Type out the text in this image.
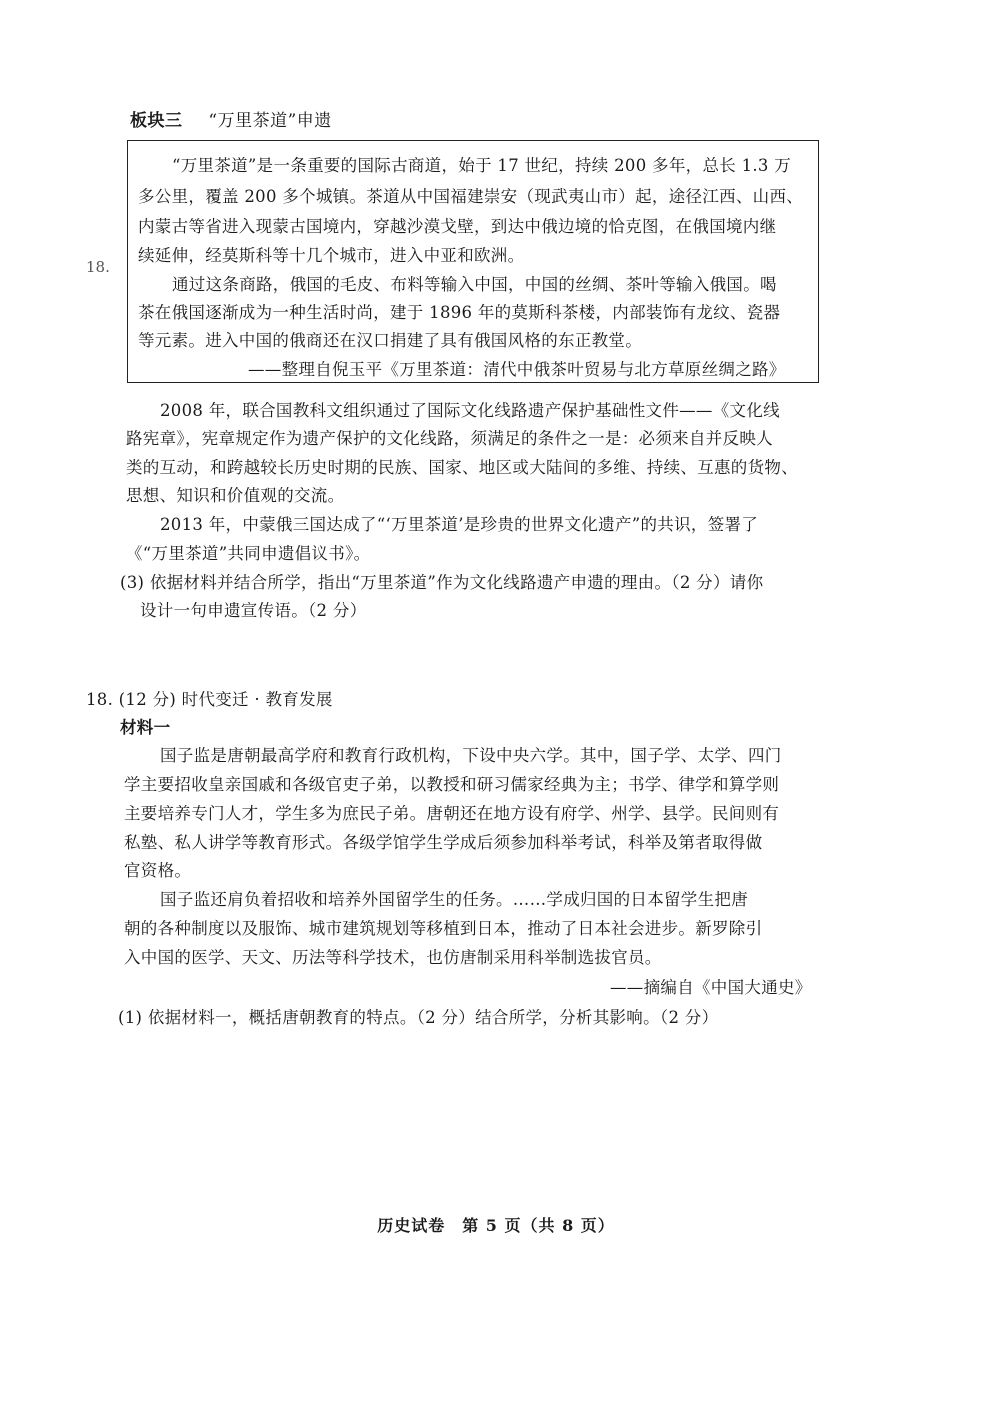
板块三 “万里茶道”申遗
“万里茶道”是一条重要的国际古商道，始于 17 世纪，持续 200 多年，总长 1.3 万
多公里，覆盖 200 多个城镇。茶道从中国福建崇安（现武夷山市）起，途径江西、山西、
内蒙古等省进入现蒙古国境内，穿越沙漠戈壁，到达中俄边境的恰克图，在俄国境内继
续延伸，经莫斯科等十几个城市，进入中亚和欧洲。
通过这条商路，俄国的毛皮、布料等输入中国，中国的丝绸、茶叶等输入俄国。喝
茶在俄国逐渐成为一种生活时尚，建于 1896 年的莫斯科茶楼，内部装饰有龙纹、瓷器
等元素。进入中国的俄商还在汉口捐建了具有俄国风格的东正教堂。
——整理自倪玉平《万里茶道：清代中俄茶叶贸易与北方草原丝绸之路》
18.
2008 年，联合国教科文组织通过了国际文化线路遗产保护基础性文件——《文化线
路宪章》，宪章规定作为遗产保护的文化线路，须满足的条件之一是：必须来自并反映人
类的互动，和跨越较长历史时期的民族、国家、地区或大陆间的多维、持续、互惠的货物、
思想、知识和价值观的交流。
2013 年，中蒙俄三国达成了“‘万里茶道’是珍贵的世界文化遗产”的共识，签署了
《“万里茶道”共同申遗倡议书》。
(3) 依据材料并结合所学，指出“万里茶道”作为文化线路遗产申遗的理由。（2 分）请你
设计一句申遗宣传语。（2 分）
18. (12 分) 时代变迁 · 教育发展
材料一
国子监是唐朝最高学府和教育行政机构，下设中央六学。其中，国子学、太学、四门
学主要招收皇亲国戚和各级官吏子弟，以教授和研习儒家经典为主；书学、律学和算学则
主要培养专门人才，学生多为庶民子弟。唐朝还在地方设有府学、州学、县学。民间则有
私塾、私人讲学等教育形式。各级学馆学生学成后须参加科举考试，科举及第者取得做
官资格。
国子监还肩负着招收和培养外国留学生的任务。……学成归国的日本留学生把唐
朝的各种制度以及服饰、城市建筑规划等移植到日本，推动了日本社会进步。新罗除引
入中国的医学、天文、历法等科学技术，也仿唐制采用科举制选拔官员。
——摘编自《中国大通史》
(1) 依据材料一，概括唐朝教育的特点。（2 分）结合所学，分析其影响。（2 分）
历史试卷　第 5 页（共 8 页）
